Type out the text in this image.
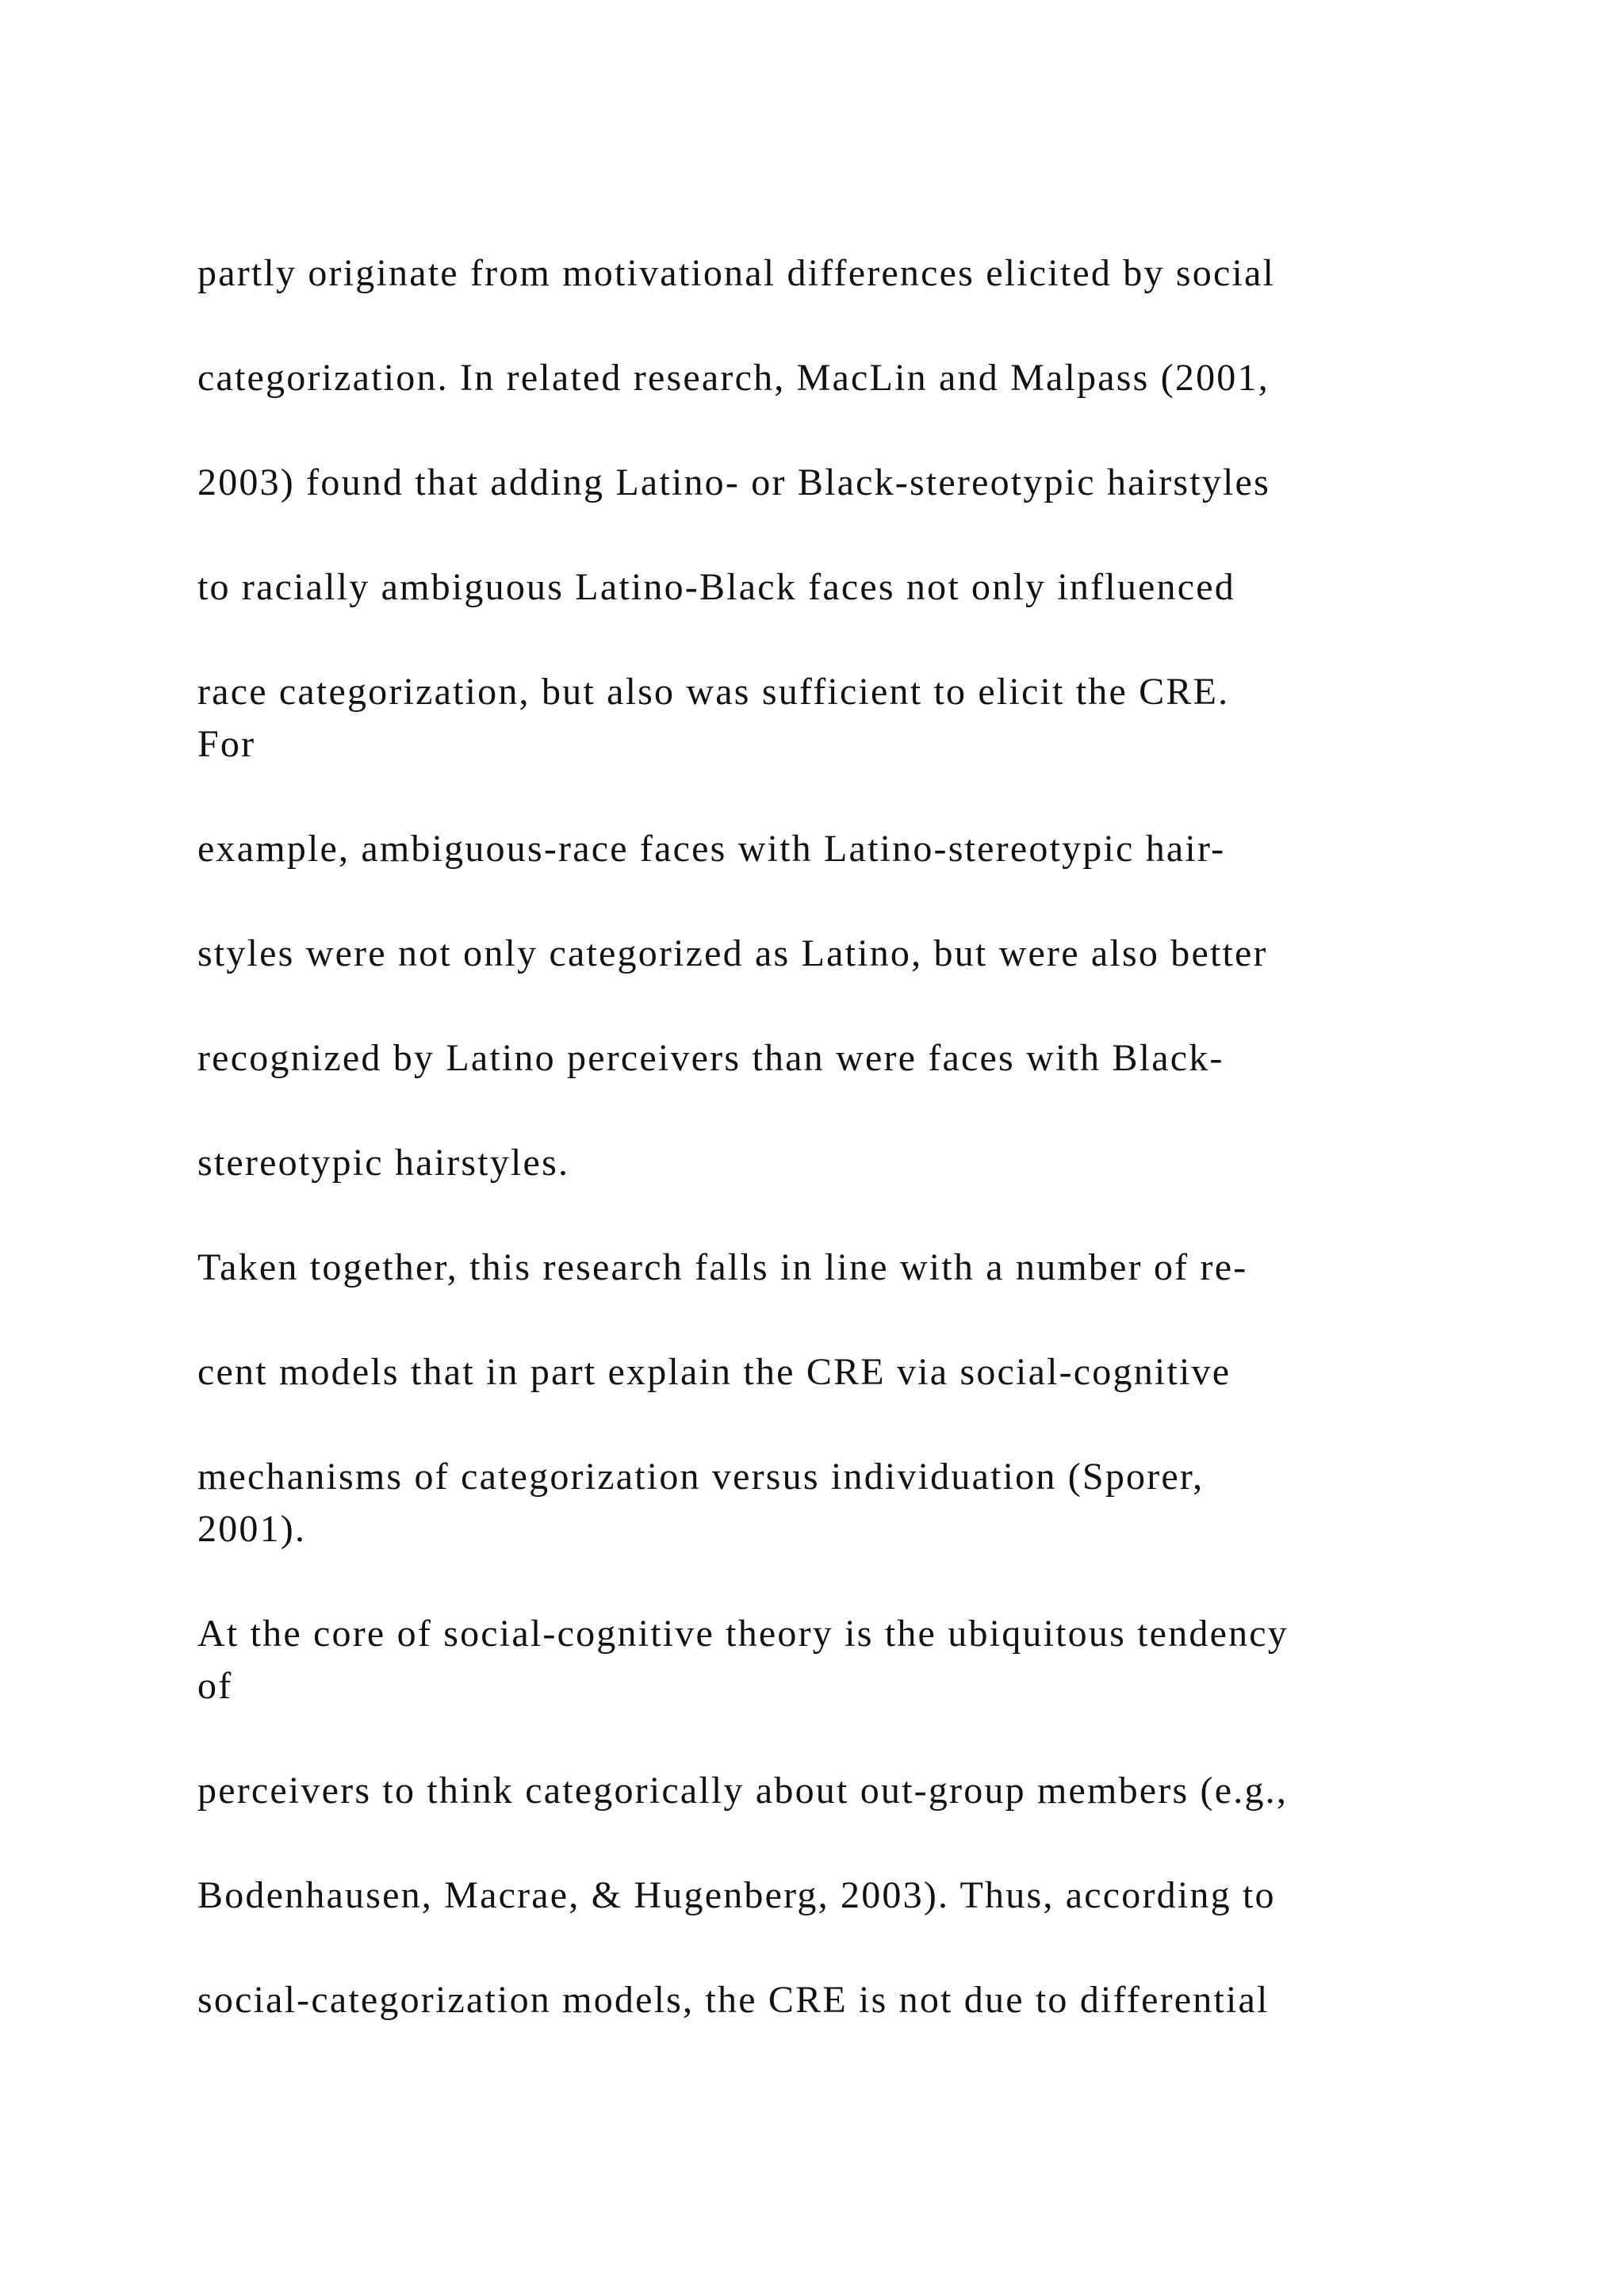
partly originate from motivational differences elicited by social

categorization. In related research, MacLin and Malpass (2001,

2003) found that adding Latino- or Black-stereotypic hairstyles

to racially ambiguous Latino-Black faces not only influenced

race categorization, but also was sufficient to elicit the CRE.

For

example, ambiguous-race faces with Latino-stereotypic hair-

styles were not only categorized as Latino, but were also better

recognized by Latino perceivers than were faces with Black-

stereotypic hairstyles.

Taken together, this research falls in line with a number of re-

cent models that in part explain the CRE via social-cognitive

mechanisms of categorization versus individuation (Sporer,

2001).

At the core of social-cognitive theory is the ubiquitous tendency

of

perceivers to think categorically about out-group members (e.g.,

Bodenhausen, Macrae, & Hugenberg, 2003). Thus, according to

social-categorization models, the CRE is not due to differential
